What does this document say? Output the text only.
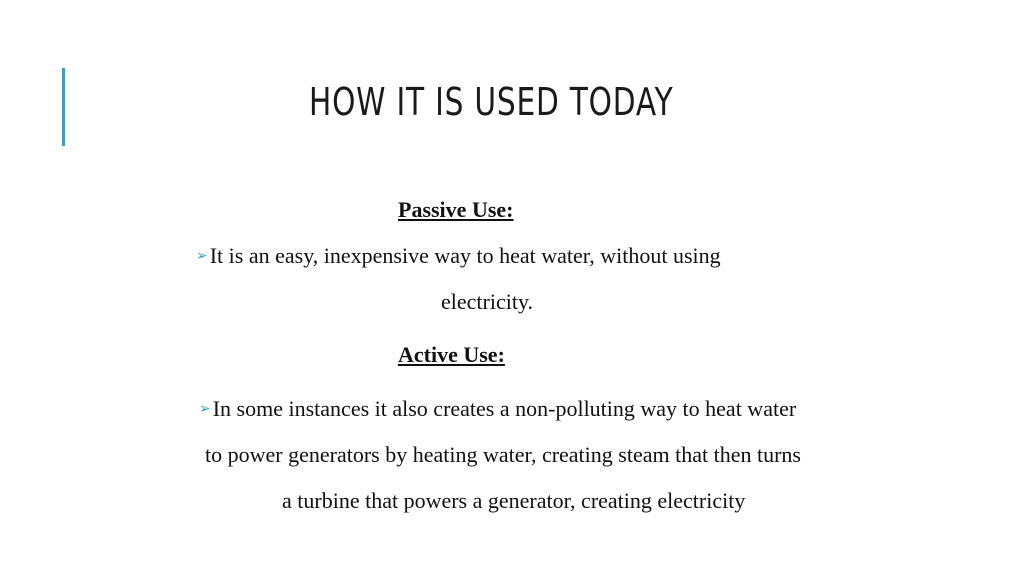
HOW IT IS USED TODAY
Passive Use:
➢It is an easy, inexpensive way to heat water, without using
electricity.
Active Use:
➢In some instances it also creates a non-polluting way to heat water
to power generators by heating water, creating steam that then turns
a turbine that powers a generator, creating electricity
